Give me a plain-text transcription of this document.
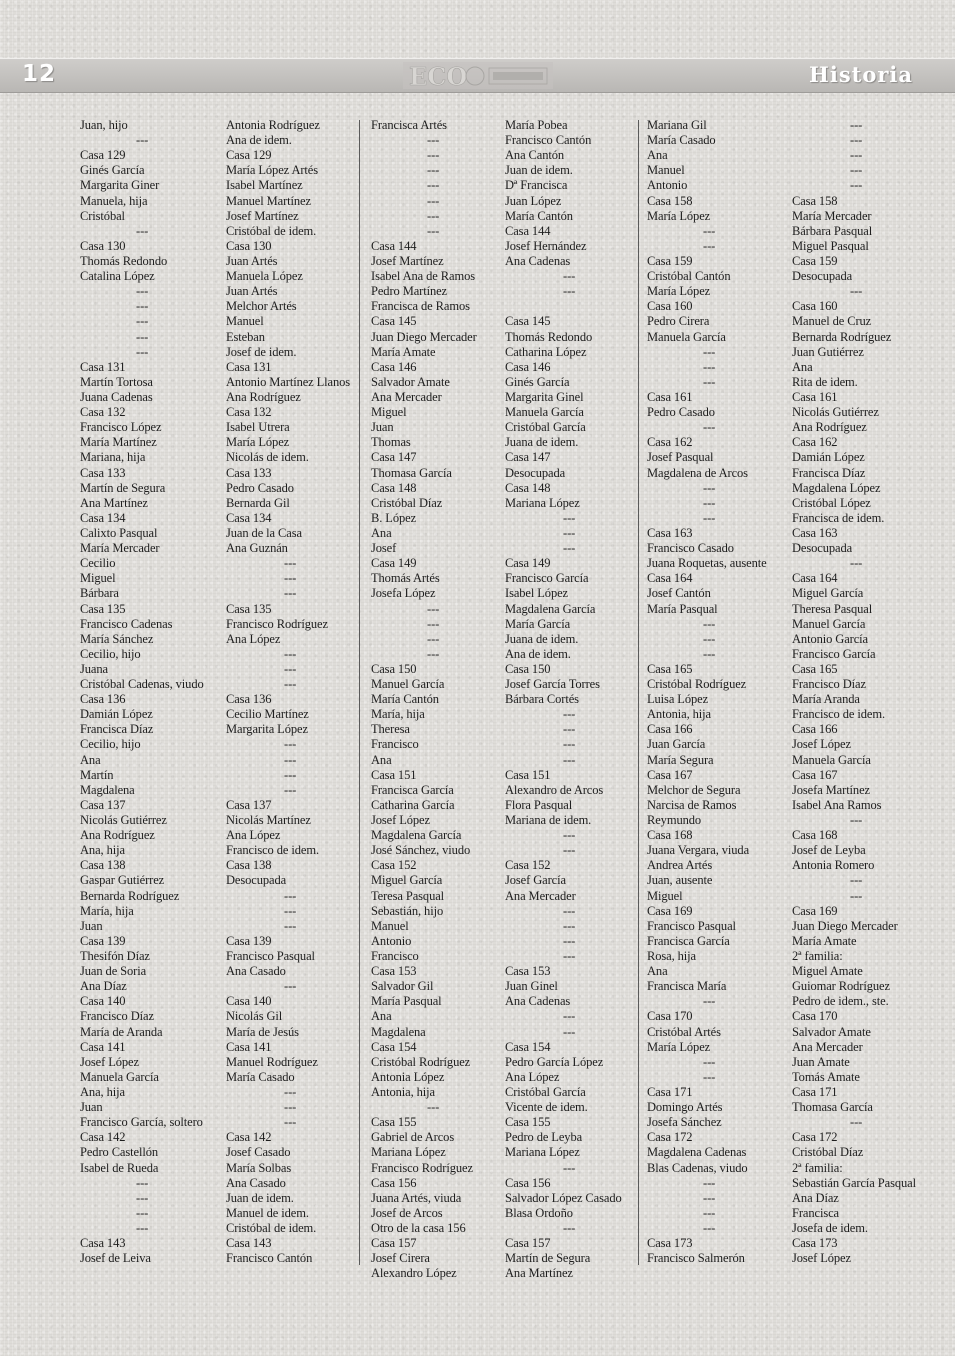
12	ECO	Historia
Juan, hijo
---
Casa 129
Ginés García
Margarita Giner
Manuela, hija
Cristóbal
---
Casa 130
Thomás Redondo
Catalina López
---
---
---
---
---
Casa 131
Martín Tortosa
Juana Cadenas
Casa 132
Francisco López
María Martínez
Mariana, hija
Casa 133
Martín de Segura
Ana Martínez
Casa 134
Calixto Pasqual
María Mercader
Cecilio
Miguel
Bárbara
Casa 135
Francisco Cadenas
María Sánchez
Cecilio, hijo
Juana
Cristóbal Cadenas, viudo
Casa 136
Damián López
Francisca Díaz
Cecilio, hijo
Ana
Martín
Magdalena
Casa 137
Nicolás Gutiérrez
Ana Rodríguez
Ana, hija
Casa 138
Gaspar Gutiérrez
Bernarda Rodríguez
María, hija
Juan
Casa 139
Thesifón Díaz
Juan de Soria
Ana Díaz
Casa 140
Francisco Díaz
María de Aranda
Casa 141
Josef López
Manuela García
Ana, hija
Juan
Francisco García, soltero
Casa 142
Pedro Castellón
Isabel de Rueda
---
---
---
---
Casa 143
Josef de Leiva
Antonia Rodríguez
Ana de idem.
Casa 129
María López Artés
Isabel Martínez
Manuel Martínez
Josef Martínez
Cristóbal de idem.
Casa 130
Juan Artés
Manuela López
Juan Artés
Melchor Artés
Manuel
Esteban
Josef de idem.
Casa 131
Antonio Martínez Llanos
Ana Rodríguez
Casa 132
Isabel Utrera
María López
Nicolás de idem.
Casa 133
Pedro Casado
Bernarda Gil
Casa 134
Juan de la Casa
Ana Guznán
---
---
---
Casa 135
Francisco Rodríguez
Ana López
---
---
---
Casa 136
Cecilio Martínez
Margarita López
---
---
---
---
Casa 137
Nicolás Martínez
Ana López
Francisco de idem.
Casa 138
Desocupada
---
---
---
Casa 139
Francisco Pasqual
Ana Casado
---
Casa 140
Nicolás Gil
María de Jesús
Casa 141
Manuel Rodríguez
María Casado
---
---
---
Casa 142
Josef Casado
María Solbas
Ana Casado
Juan de idem.
Manuel de idem.
Cristóbal de idem.
Casa 143
Francisco Cantón
Francisca Artés
---
---
---
---
---
---
---
Casa 144
Josef Martínez
Isabel Ana de Ramos
Pedro Martínez
Francisca de Ramos
Casa 145
Juan Diego Mercader
María Amate
Casa 146
Salvador Amate
Ana Mercader
Miguel
Juan
Thomas
Casa 147
Thomasa García
Casa 148
Cristóbal Díaz
B. López
Ana
Josef
Casa 149
Thomás Artés
Josefa López
---
---
---
---
Casa 150
Manuel García
María Cantón
María, hija
Theresa
Francisco
Ana
Casa 151
Francisca García
Catharina García
Josef López
Magdalena García
José Sánchez, viudo
Casa 152
Miguel García
Teresa Pasqual
Sebastián, hijo
Manuel
Antonio
Francisco
Casa 153
Salvador Gil
María Pasqual
Ana
Magdalena
Casa 154
Cristóbal Rodríguez
Antonia López
Antonia, hija
---
Casa 155
Gabriel de Arcos
Mariana López
Francisco Rodríguez
Casa 156
Juana Artés, viuda
Josef de Arcos
Otro de la casa 156
Casa 157
Josef Cirera
Alexandro López
María Pobea
Francisco Cantón
Ana Cantón
Juan de idem.
Dª Francisca
Juan López
María Cantón
Casa 144
Josef Hernández
Ana Cadenas
---
---
Casa 145
Thomás Redondo
Catharina López
Casa 146
Ginés García
Margarita Ginel
Manuela García
Cristóbal García
Juana de idem.
Casa 147
Desocupada
Casa 148
Mariana López
---
---
---
Casa 149
Francisco García
Isabel López
Magdalena García
María García
Juana de idem.
Ana de idem.
Casa 150
Josef García Torres
Bárbara Cortés
---
---
---
---
Casa 151
Alexandro de Arcos
Flora Pasqual
Mariana de idem.
---
---
Casa 152
Josef García
Ana Mercader
---
---
---
---
Casa 153
Juan Ginel
Ana Cadenas
---
---
Casa 154
Pedro García López
Ana López
Cristóbal García
Vicente de idem.
Casa 155
Pedro de Leyba
Mariana López
---
Casa 156
Salvador López Casado
Blasa Ordoño
---
Casa 157
Martín de Segura
Ana Martínez
Mariana Gil
María Casado
Ana
Manuel
Antonio
Casa 158
María López
---
---
Casa 159
Cristóbal Cantón
María López
Casa 160
Pedro Cirera
Manuela García
---
---
---
Casa 161
Pedro Casado
---
Casa 162
Josef Pasqual
Magdalena de Arcos
---
---
---
Casa 163
Francisco Casado
Juana Roquetas, ausente
Casa 164
Josef Cantón
María Pasqual
---
---
---
Casa 165
Cristóbal Rodríguez
Luisa López
Antonia, hija
Casa 166
Juan García
María Segura
Casa 167
Melchor de Segura
Narcisa de Ramos
Reymundo
Casa 168
Juana Vergara, viuda
Andrea Artés
Juan, ausente
Miguel
Casa 169
Francisco Pasqual
Francisca García
Rosa, hija
Ana
Francisca María
---
Casa 170
Cristóbal Artés
María López
---
---
Casa 171
Domingo Artés
Josefa Sánchez
Casa 172
Magdalena Cadenas
Blas Cadenas, viudo
---
---
---
---
Casa 173
Francisco Salmerón
---
---
---
---
---
Casa 158
María Mercader
Bárbara Pasqual
Miguel Pasqual
Casa 159
Desocupada
---
Casa 160
Manuel de Cruz
Bernarda Rodríguez
Juan Gutiérrez
Ana
Rita de idem.
Casa 161
Nicolás Gutiérrez
Ana Rodríguez
Casa 162
Damián López
Francisca Díaz
Magdalena López
Cristóbal López
Francisca de idem.
Casa 163
Desocupada
---
Casa 164
Miguel García
Theresa Pasqual
Manuel García
Antonio García
Francisco García
Casa 165
Francisco Díaz
María Aranda
Francisco de idem.
Casa 166
Josef López
Manuela García
Casa 167
Josefa Martínez
Isabel Ana Ramos
---
Casa 168
Josef de Leyba
Antonia Romero
---
---
Casa 169
Juan Diego Mercader
María Amate
2ª familia:
Miguel Amate
Guiomar Rodríguez
Pedro de idem., ste.
Casa 170
Salvador Amate
Ana Mercader
Juan Amate
Tomás Amate
Casa 171
Thomasa García
---
Casa 172
Cristóbal Díaz
2ª familia:
Sebastián García Pasqual
Ana Díaz
Francisca
Josefa de idem.
Casa 173
Josef López
